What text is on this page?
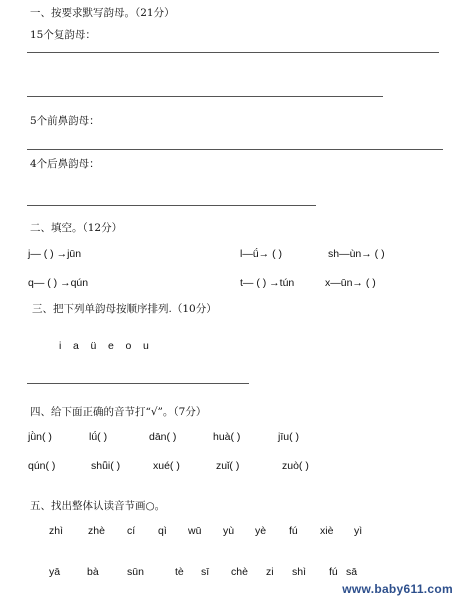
一、按要求默写韵母。（21分）
15个复韵母：
5个前鼻韵母：
4个后鼻韵母：
二、填空。（12分）
j— ( ) →jūn	l—ǘ→ ( )	sh—ùn→ ( )
q— ( ) →qún	t— ( ) →tún	x—ūn→ ( )
三、把下列单韵母按顺序排列.（10分）
i    a    ü    e    o    u
四、给下面正确的音节打“√”。（7分）
jǜn( )	lǘ( )	dān( )	huà( )	jīu( )
qún( )	shǖi( )	xué( )	zuǐ( )	zuò( )
五、找出整体认读音节画○。
zhì zhè cí qì wū yù yè fú xiè yì
yā	bà	sūn	tè sī chè zi shì fú sā
www.baby611.com
